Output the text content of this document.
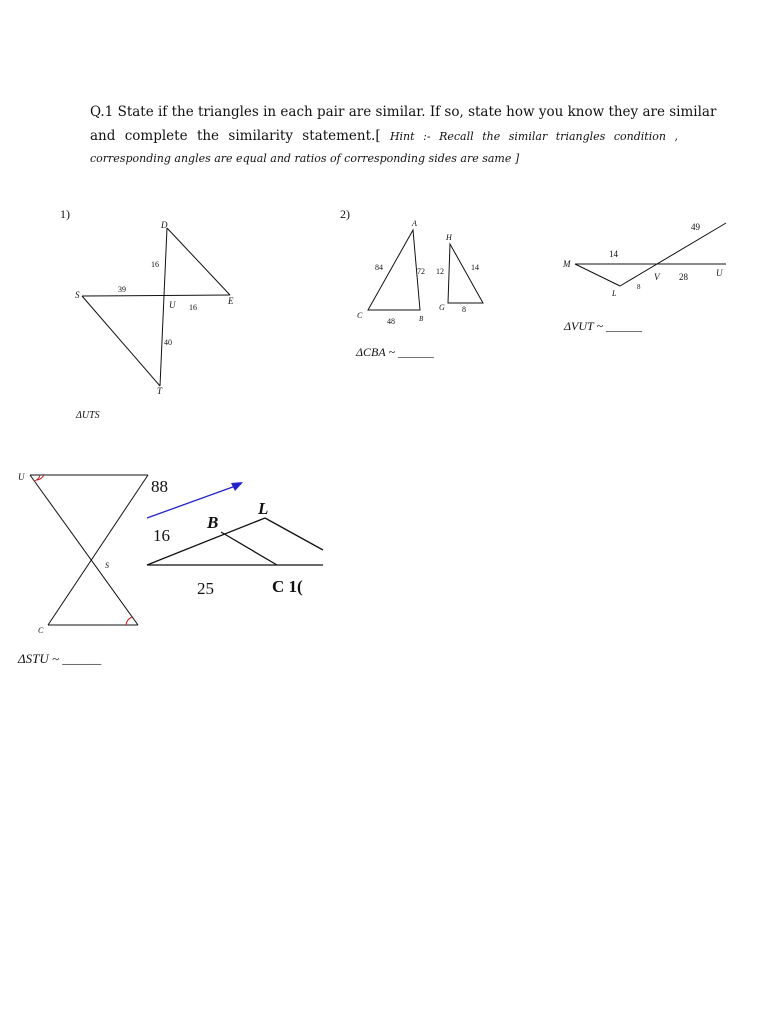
Q.1 State if the triangles in each pair are similar. If so, state how you know they are similar

and complete the similarity statement.[ Hint :- Recall the similar triangles condition ,

corresponding angles are equal and ratios of corresponding sides are same ]

1)
D
S
U	E
T
16
39
16
40
ΔUTS
2)
A
H
C	B
G
84	72 12	14
48
8
ΔCBA ~ ______
M
L
V	U
49
14
8
28
ΔVUT ~ ______
U
S
C
ΔSTU ~ ______
88
16
25
B
L
C 1(
